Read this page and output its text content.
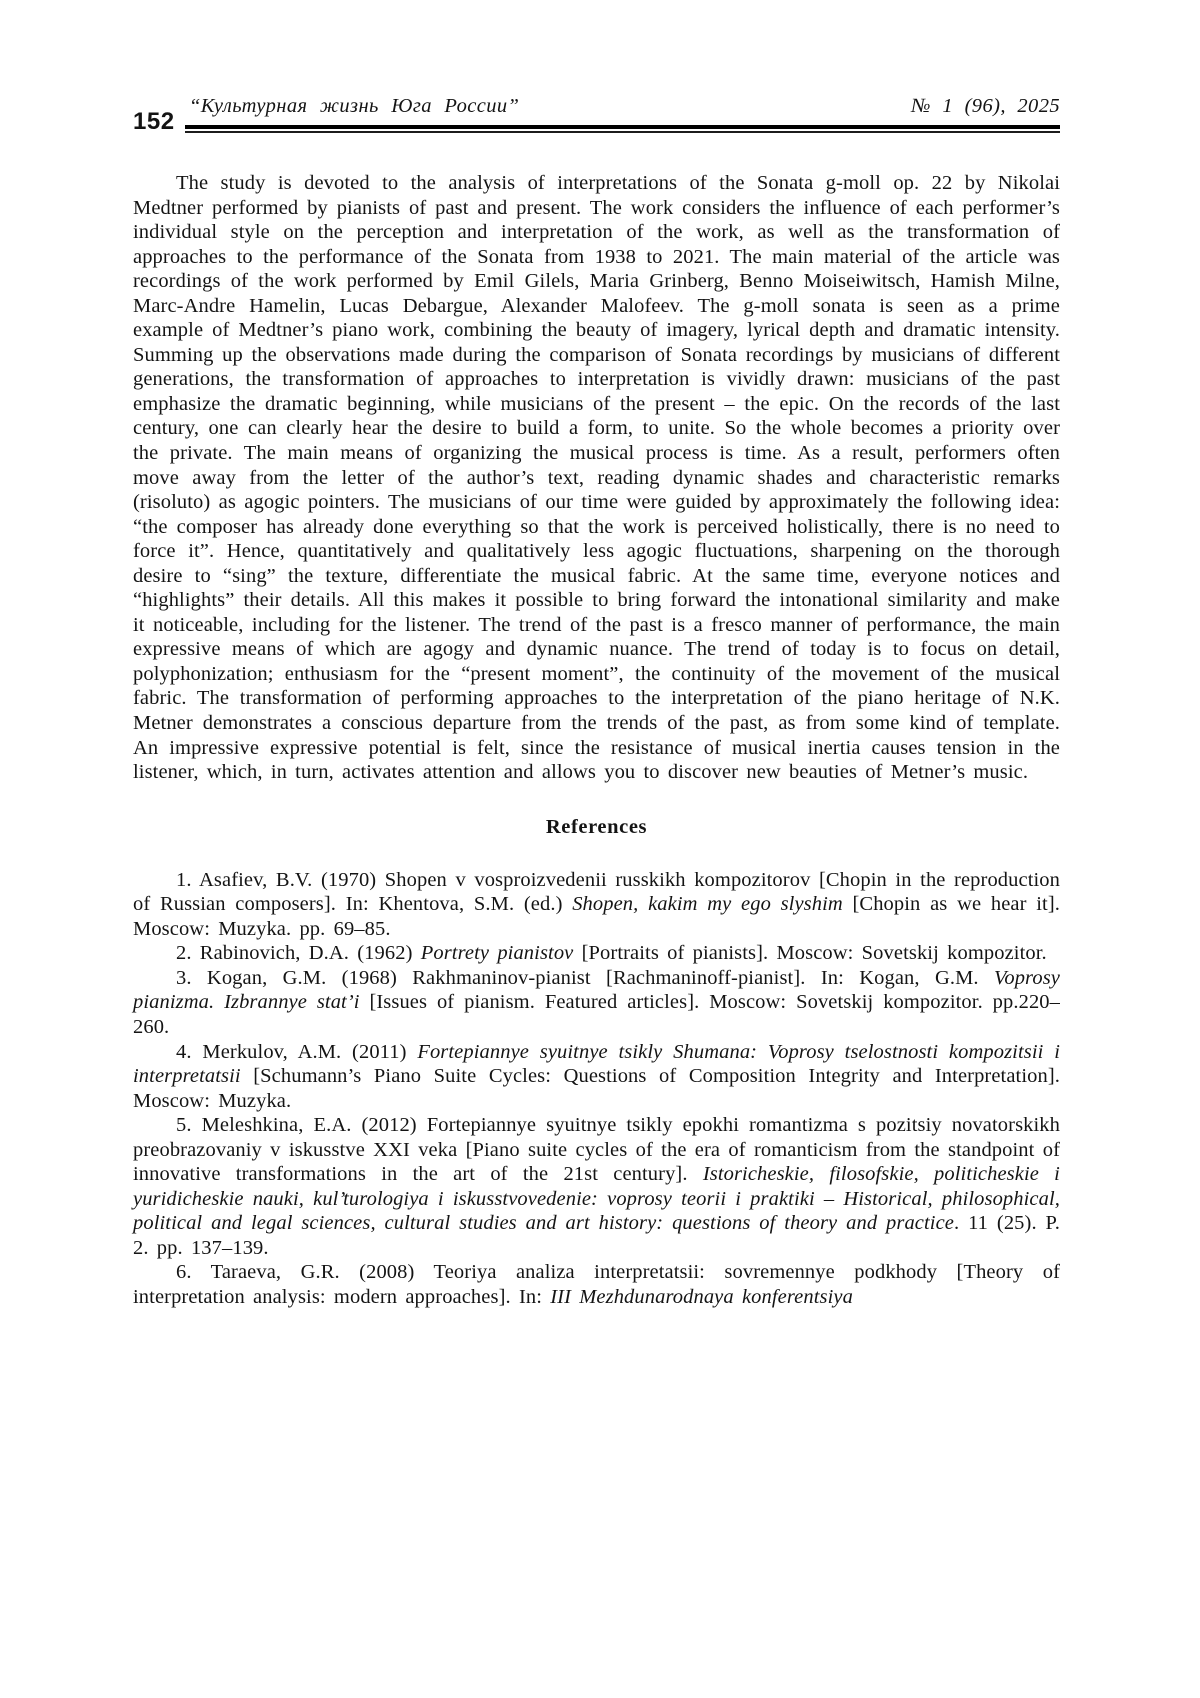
“Культурная жизнь Юга России”	№ 1 (96), 2025
152

The study is devoted to the analysis of interpretations of the Sonata g-moll op. 22 by Nikolai Medtner performed by pianists of past and present. The work considers the influence of each performer’s individual style on the perception and interpretation of the work, as well as the transformation of approaches to the performance of the Sonata from 1938 to 2021. The main material of the article was recordings of the work performed by Emil Gilels, Maria Grinberg, Benno Moiseiwitsch, Hamish Milne, Marc-Andre Hamelin, Lucas Debargue, Alexander Malofeev. The g-moll sonata is seen as a prime example of Medtner’s piano work, combining the beauty of imagery, lyrical depth and dramatic intensity. Summing up the observations made during the comparison of Sonata recordings by musicians of different generations, the transformation of approaches to interpretation is vividly drawn: musicians of the past emphasize the dramatic beginning, while musicians of the present – the epic. On the records of the last century, one can clearly hear the desire to build a form, to unite. So the whole becomes a priority over the private. The main means of organizing the musical process is time. As a result, performers often move away from the letter of the author’s text, reading dynamic shades and characteristic remarks (risoluto) as agogic pointers. The musicians of our time were guided by approximately the following idea: “the composer has already done everything so that the work is perceived holistically, there is no need to force it”. Hence, quantitatively and qualitatively less agogic fluctuations, sharpening on the thorough desire to “sing” the texture, differentiate the musical fabric. At the same time, everyone notices and “highlights” their details. All this makes it possible to bring forward the intonational similarity and make it noticeable, including for the listener. The trend of the past is a fresco manner of performance, the main expressive means of which are agogy and dynamic nuance. The trend of today is to focus on detail, polyphonization; enthusiasm for the “present moment”, the continuity of the movement of the musical fabric. The transformation of performing approaches to the interpretation of the piano heritage of N.K. Metner demonstrates a conscious departure from the trends of the past, as from some kind of template. An impressive expressive potential is felt, since the resistance of musical inertia causes tension in the listener, which, in turn, activates attention and allows you to discover new beauties of Metner’s music.

References

1. Asafiev, B.V. (1970) Shopen v vosproizvedenii russkikh kompozitorov [Chopin in the reproduction of Russian composers]. In: Khentova, S.M. (ed.) Shopen, kakim my ego slyshim [Chopin as we hear it]. Moscow: Muzyka. pp. 69–85.

2. Rabinovich, D.A. (1962) Portrety pianistov [Portraits of pianists]. Moscow: Sovetskij kompozitor.

3. Kogan, G.M. (1968) Rakhmaninov-pianist [Rachmaninoff-pianist]. In: Kogan, G.M. Voprosy pianizma. Izbrannye stat’i [Issues of pianism. Featured articles]. Moscow: Sovetskij kompozitor. pp.220–260.

4. Merkulov, A.M. (2011) Fortepiannye syuitnye tsikly Shumana: Voprosy tselostnosti kompozitsii i interpretatsii [Schumann’s Piano Suite Cycles: Questions of Composition Integrity and Interpretation]. Moscow: Muzyka.

5. Meleshkina, E.A. (2012) Fortepiannye syuitnye tsikly epokhi romantizma s pozitsiy novatorskikh preobrazovaniy v iskusstve XXI veka [Piano suite cycles of the era of romanticism from the standpoint of innovative transformations in the art of the 21st century]. Istoricheskie, filosofskie, politicheskie i yuridicheskie nauki, kul’turologiya i iskusstvovedenie: voprosy teorii i praktiki – Historical, philosophical, political and legal sciences, cultural studies and art history: questions of theory and practice. 11 (25). P. 2. pp. 137–139.

6. Taraeva, G.R. (2008) Teoriya analiza interpretatsii: sovremennye podkhody [Theory of interpretation analysis: modern approaches]. In: III Mezhdunarodnaya konferentsiya
